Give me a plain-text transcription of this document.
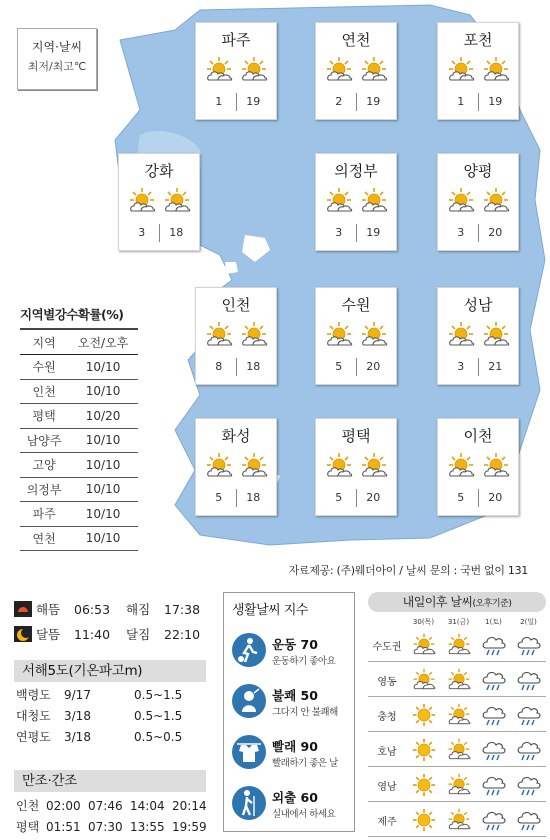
지역·날씨
최저/최고℃
파주
1	19
연천
2	19
포천
1	19
강화
3	18
의정부
3	19
양평
3	20
인천
8	18
수원
5	20
성남
3	21
화성
5	18
평택
5	20
이천
5	20
지역별강수확률(%)
지역	오전/오후
수원	10/10
인천	10/10
평택	10/20
남양주	10/10
고양	10/10
의정부	10/10
파주	10/10
연천	10/10
자료제공: (주)웨더아이 / 날씨 문의 : 국번 없이 131
해뜸	06:53	해짐	17:38
달뜸	11:40	달짐	22:10
서해5도(기온파고m)
백령도	9/17	0.5~1.5
대청도	3/18	0.5~1.5
연평도	3/18	0.5~0.5
만조·간조
인천 02:00 07:46 14:04 20:14
평택 01:51 07:30 13:55 19:59
생활날씨 지수
운동 70
운동하기 좋아요
불쾌 50
그다지 안 불쾌해
빨래 90
빨래하기 좋은 날
외출 60
실내에서 하세요
내일이후 날씨(오후기준)
30(목)	31(금)	1(토)	2(일)
수도권
영동
충청
호남
영남
제주
